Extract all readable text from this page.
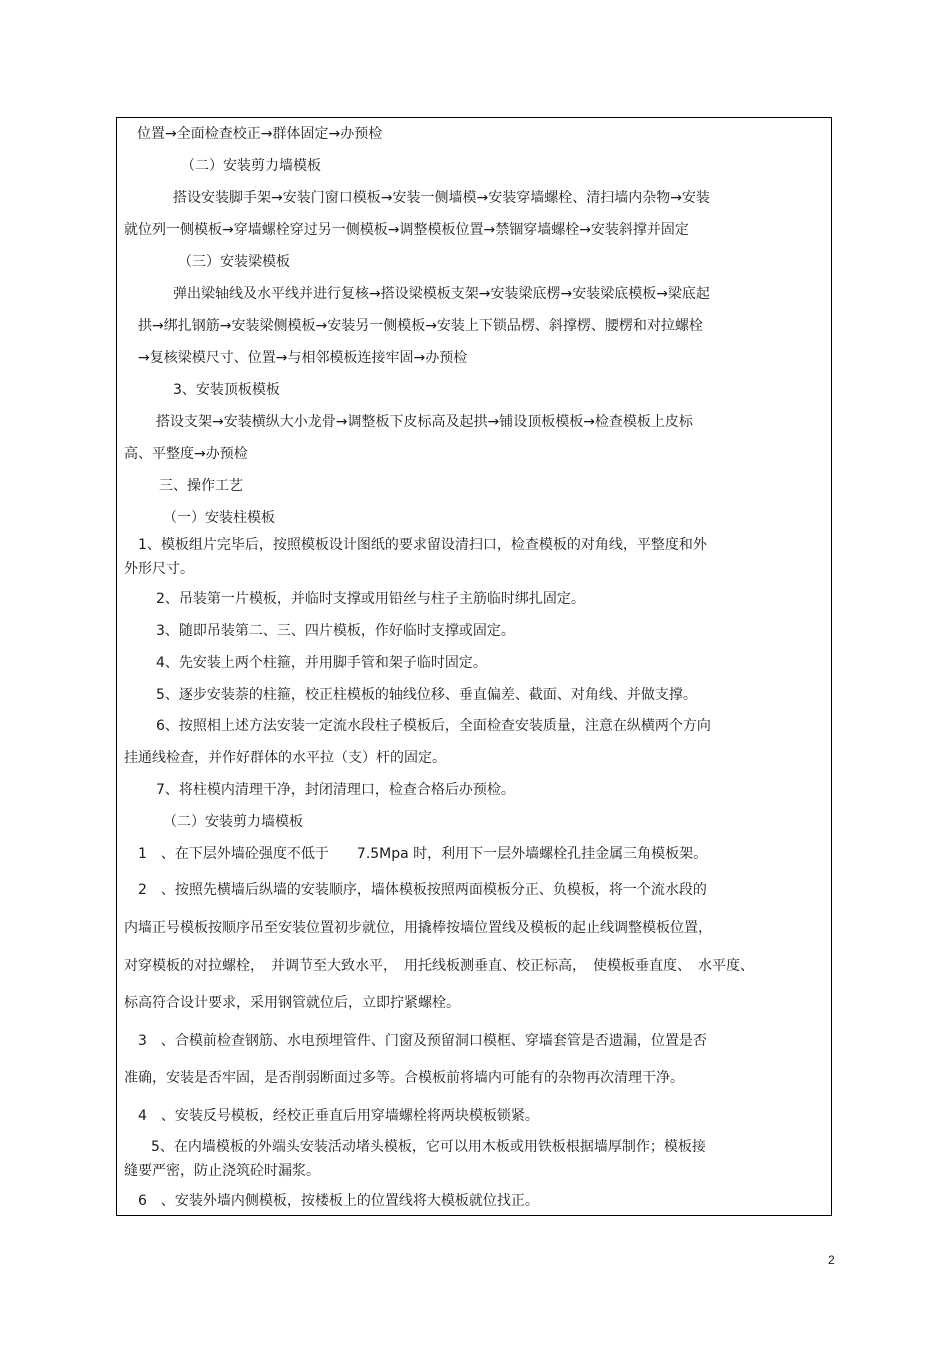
位置→全面检查校正→群体固定→办预检
（二）安装剪力墙模板
搭设安装脚手架→安装门窗口模板→安装一侧墙模→安装穿墙螺栓、清扫墙内杂物→安装
就位列一侧模板→穿墙螺栓穿过另一侧模板→调整模板位置→禁锢穿墙螺栓→安装斜撑并固定
（三）安装梁模板
弹出梁轴线及水平线并进行复核→搭设梁模板支架→安装梁底楞→安装梁底模板→梁底起
拱→绑扎钢筋→安装梁侧模板→安装另一侧模板→安装上下锁品楞、斜撑楞、腰楞和对拉螺栓
→复核梁模尺寸、位置→与相邻模板连接牢固→办预检
3、安装顶板模板
搭设支架→安装横纵大小龙骨→调整板下皮标高及起拱→铺设顶板模板→检查模板上皮标
高、平整度→办预检
三、操作工艺
（一）安装柱模板
1、模板组片完毕后，按照模板设计图纸的要求留设清扫口，检查模板的对角线，平整度和外
外形尺寸。
2、吊装第一片模板，并临时支撑或用铅丝与柱子主筋临时绑扎固定。
3、随即吊装第二、三、四片模板，作好临时支撑或固定。
4、先安装上两个柱箍，并用脚手管和架子临时固定。
5、逐步安装萘的柱箍，校正柱模板的轴线位移、垂直偏差、截面、对角线、并做支撑。
6、按照相上述方法安装一定流水段柱子模板后，全面检查安装质量，注意在纵横两个方向
挂通线检查，并作好群体的水平拉（支）杆的固定。
7、将柱模内清理干净，封闭清理口，检查合格后办预检。
（二）安装剪力墙模板
1　、在下层外墙砼强度不低于　　7.5Mpa 时，利用下一层外墙螺栓孔挂金属三角模板架。
2　、按照先横墙后纵墙的安装顺序，墙体模板按照两面模板分正、负模板，将一个流水段的
内墙正号模板按顺序吊至安装位置初步就位，用撬棒按墙位置线及模板的起止线调整模板位置，
对穿模板的对拉螺栓，　并调节至大致水平，　用托线板测垂直、校正标高，　使模板垂直度、　水平度、
标高符合设计要求，采用钢管就位后，立即拧紧螺栓。
3　、合模前检查钢筋、水电预埋管件、门窗及预留洞口模框、穿墙套管是否遗漏，位置是否
准确，安装是否牢固，是否削弱断面过多等。合模板前将墙内可能有的杂物再次清理干净。
4　、安装反号模板，经校正垂直后用穿墙螺栓将两块模板锁紧。
5、在内墙模板的外端头安装活动堵头模板，它可以用木板或用铁板根据墙厚制作；模板接
缝要严密，防止浇筑砼时漏浆。
6　、安装外墙内侧模板，按楼板上的位置线将大模板就位找正。
2
